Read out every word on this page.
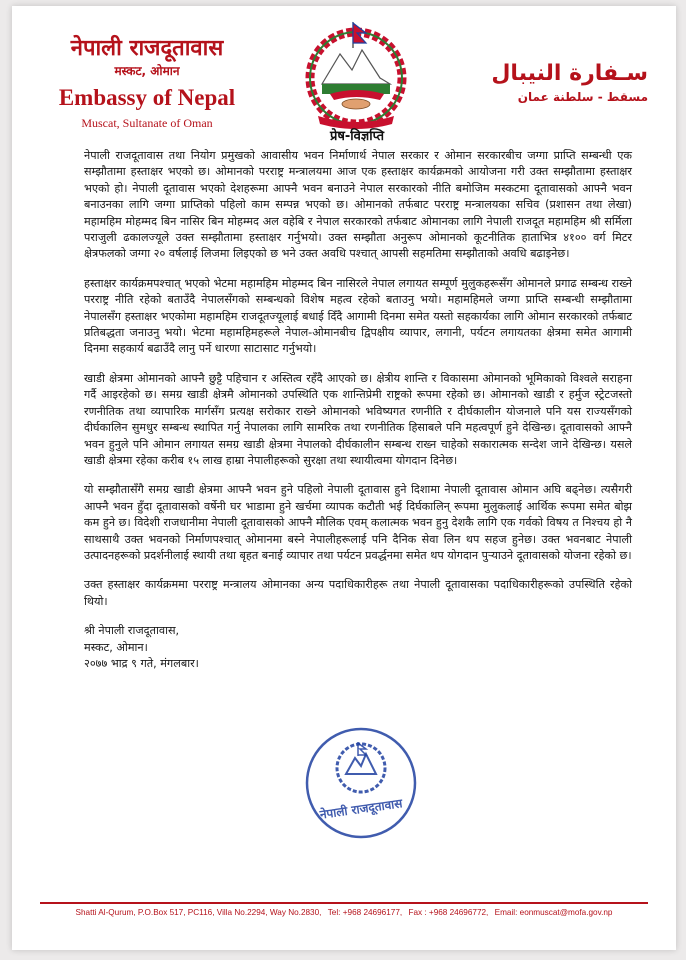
नेपाली राजदूतावास
मस्कट, ओमान
Embassy of Nepal
Muscat, Sultanate of Oman
प्रेष-विज्ञप्ति
سـفارة النيبال
مسقط - سلطنة عمان

नेपाली राजदूतावास तथा नियोग प्रमुखको आवासीय भवन निर्माणार्थ नेपाल सरकार र ओमान सरकारबीच जग्गा प्राप्ति सम्बन्धी एक सम्झौतामा हस्ताक्षर भएको छ। ओमानको परराष्ट्र मन्त्रालयमा आज एक हस्ताक्षर कार्यक्रमको आयोजना गरी उक्त सम्झौतामा हस्ताक्षर भएको हो। नेपाली दूतावास भएको देशहरूमा आफ्नै भवन बनाउने नेपाल सरकारको नीति बमोजिम मस्कटमा दूतावासको आफ्नै भवन बनाउनका लागि जग्गा प्राप्तिको पहिलो काम सम्पन्न भएको छ। ओमानको तर्फबाट परराष्ट्र मन्त्रालयका सचिव (प्रशासन तथा लेखा) महामहिम मोहम्मद बिन नासिर बिन मोहम्मद अल वहेबि र नेपाल सरकारको तर्फबाट ओमानका लागि नेपाली राजदूत महामहिम श्री सर्मिला पराजुली ढकालज्यूले उक्त सम्झौतामा हस्ताक्षर गर्नुभयो। उक्त सम्झौता अनुरूप ओमानको कूटनीतिक हाताभित्र ४१०० वर्ग मिटर क्षेत्रफलको जग्गा २० वर्षलाई लिजमा लिइएको छ भने उक्त अवधि पश्चात् आपसी सहमतिमा सम्झौताको अवधि बढाइनेछ।

हस्ताक्षर कार्यक्रमपश्चात् भएको भेटमा महामहिम मोहम्मद बिन नासिरले नेपाल लगायत सम्पूर्ण मुलुकहरूसँग ओमानले प्रगाढ सम्बन्ध राख्ने परराष्ट्र नीति रहेको बताउँदै नेपालसँगको सम्बन्धको विशेष महत्व रहेको बताउनु भयो। महामहिमले जग्गा प्राप्ति सम्बन्धी सम्झौतामा नेपालसँग हस्ताक्षर भएकोमा महामहिम राजदूतज्यूलाई बधाई दिँदै आगामी दिनमा समेत यस्तो सहकार्यका लागि ओमान सरकारको तर्फबाट प्रतिबद्धता जनाउनु भयो। भेटमा महामहिमहरूले नेपाल-ओमानबीच द्विपक्षीय व्यापार, लगानी, पर्यटन लगायतका क्षेत्रमा समेत आगामी दिनमा सहकार्य बढाउँदै लानु पर्ने धारणा साटासाट गर्नुभयो।

खाडी क्षेत्रमा ओमानको आफ्नै छुट्टै पहिचान र अस्तित्व रहँदै आएको छ। क्षेत्रीय शान्ति र विकासमा ओमानको भूमिकाको विश्वले सराहना गर्दै आइरहेको छ। समग्र खाडी क्षेत्रमै ओमानको उपस्थिति एक शान्तिप्रेमी राष्ट्रको रूपमा रहेको छ। ओमानको खाडी र हर्मुज स्ट्रेटजस्तो रणनीतिक तथा व्यापारिक मार्गसँग प्रत्यक्ष सरोकार राख्ने ओमानको भविष्यगत रणनीति र दीर्घकालीन योजनाले पनि यस राज्यसँगको दीर्घकालिन सुमधुर सम्बन्ध स्थापित गर्नु नेपालका लागि सामरिक तथा रणनीतिक हिसाबले पनि महत्वपूर्ण हुने देखिन्छ। दूतावासको आफ्नै भवन हुनुले पनि ओमान लगायत समग्र खाडी क्षेत्रमा नेपालको दीर्घकालीन सम्बन्ध राख्न चाहेको सकारात्मक सन्देश जाने देखिन्छ। यसले खाडी क्षेत्रमा रहेका करीब १५ लाख हाम्रा नेपालीहरूको सुरक्षा तथा स्थायीत्वमा योगदान दिनेछ।

यो सम्झौतासँगै समग्र खाडी क्षेत्रमा आफ्नै भवन हुने पहिलो नेपाली दूतावास हुने दिशामा नेपाली दूतावास ओमान अघि बढ्नेछ। त्यसैगरी आफ्नै भवन हुँदा दूतावासको वर्षेनी घर भाडामा हुने खर्चमा व्यापक कटौती भई दिर्घकालिन् रूपमा मुलुकलाई आर्थिक रूपमा समेत बोझ कम हुने छ। विदेशी राजधानीमा नेपाली दूतावासको आफ्नै मौलिक एवम् कलात्मक भवन हुनु देशकै लागि एक गर्वको विषय त निश्चय हो नै साथसाथै उक्त भवनको निर्माणपश्चात् ओमानमा बस्ने नेपालीहरूलाई पनि दैनिक सेवा लिन थप सहज हुनेछ। उक्त भवनबाट नेपाली उत्पादनहरूको प्रदर्शनीलाई स्थायी तथा बृहत बनाई व्यापार तथा पर्यटन प्रवर्द्धनमा समेत थप योगदान पुऱ्याउने दूतावासको योजना रहेको छ।

उक्त हस्ताक्षर कार्यक्रममा परराष्ट्र मन्त्रालय ओमानका अन्य पदाधिकारीहरू तथा नेपाली दूतावासका पदाधिकारीहरूको उपस्थिति रहेको थियो।

श्री नेपाली राजदूतावास,
मस्कट, ओमान।
२०७७ भाद्र ९ गते, मंगलबार।
नेपाली राजदूतावास
Shatti Al-Qurum, P.O.Box 517, PC116, Villa No.2294, Way No.2830, Tel: +968 24696177, Fax : +968 24696772, Email: eonmuscat@mofa.gov.np
